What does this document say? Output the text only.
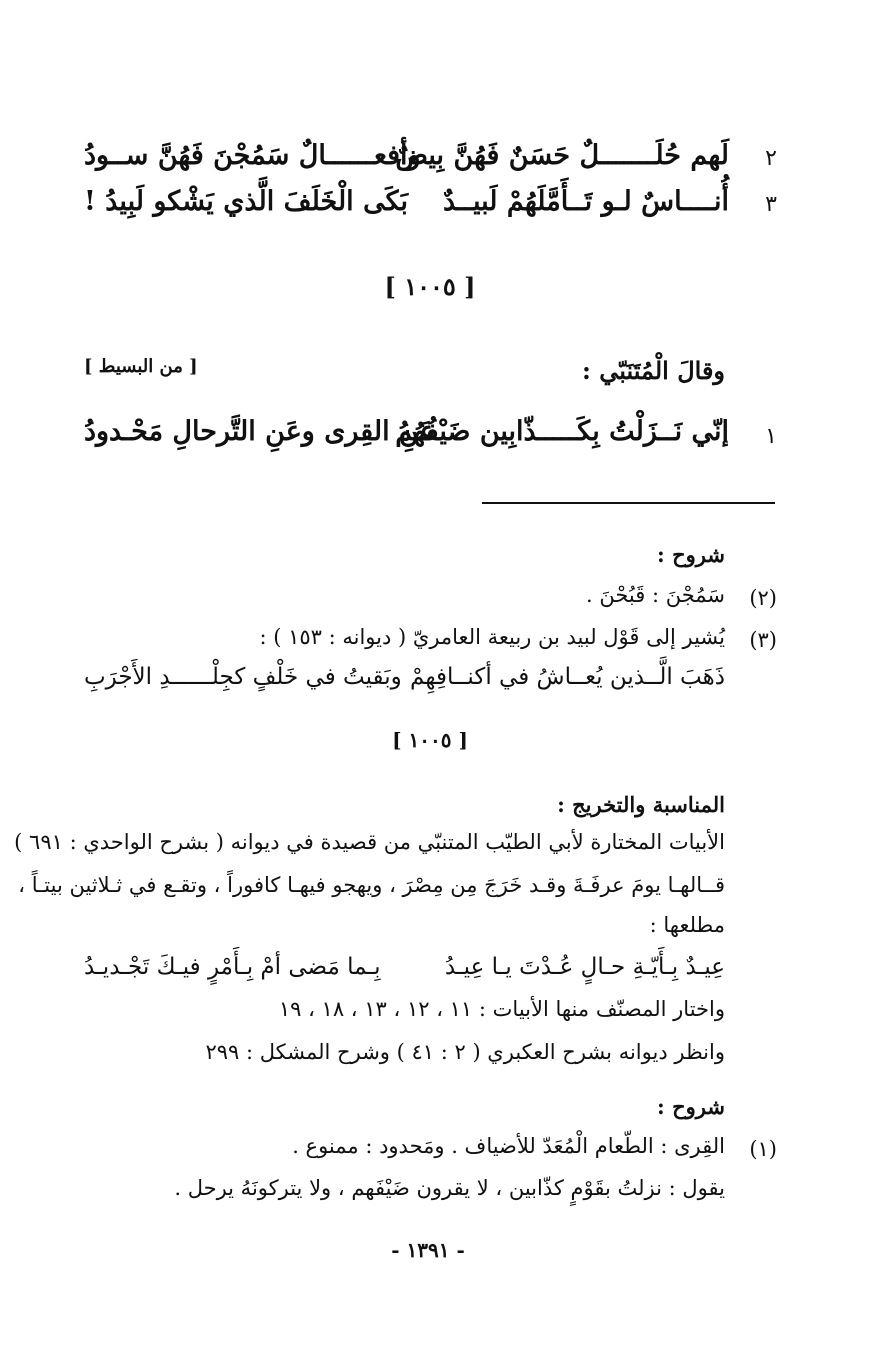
٢
لَهم حُلَـــــــلٌ حَسَنٌ فَهُنَّ بِيضٌ
وأفعــــــالٌ سَمُجْنَ فَهُنَّ ســودُ
٣
أُنــــاسٌ لـو تَــأَمَّلَهُمْ لَبيــدٌ
بَكَى الْخَلَفَ الَّذي يَشْكو لَبِيدُ !
[ ١٠٠٥ ]
وقالَ الْمُتَنَبّي :
[ من البسيط ]
١
إنّي نَــزَلْتُ بِكَـــــذّابِين ضَيْفُهُمُ
عَنِ القِرى وعَنِ التَّرحالِ مَحْـدودُ
شروح :
(٢)
سَمُجْنَ : قَبُحْنَ .
(٣)
يُشير إلى قَوْل لبيد بن ربيعة العامريّ ( ديوانه : ١٥٣ ) :
ذَهَبَ الَّــذين يُعــاشُ في أكنــافِهِمْ
وبَقيتُ في خَلْفٍ كجِلْــــــدِ الأَجْرَبِ
[ ١٠٠٥ ]
المناسبة والتخريج :
الأبيات المختارة لأبي الطيّب المتنبّي من قصيدة في ديوانه ( بشرح الواحدي : ٦٩١ )
قــالهـا يومَ عرفَـةَ وقـد خَرَجَ مِن مِصْرَ ، ويهجو فيهـا كافوراً ، وتقـع في ثـلاثين بيتـاً ،
مطلعها :
عِيـدٌ بِـأَيّـةِ حـالٍ عُـدْتَ يـا عِيـدُ
بِـما مَضى أمْ بِـأَمْرٍ فيـكَ تَجْـديـدُ
واختار المصنّف منها الأبيات : ١١ ، ١٢ ، ١٣ ، ١٨ ، ١٩
وانظر ديوانه بشرح العكبري ( ٢ : ٤١ ) وشرح المشكل : ٢٩٩
شروح :
(١)
القِرى : الطّعام الْمُعَدّ للأضياف . ومَحدود : ممنوع .
يقول : نزلتُ بقَوْمٍ كذّابين ، لا يقرون ضَيْفَهم ، ولا يتركونَهُ يرحل .
- ١٣٩١ -
